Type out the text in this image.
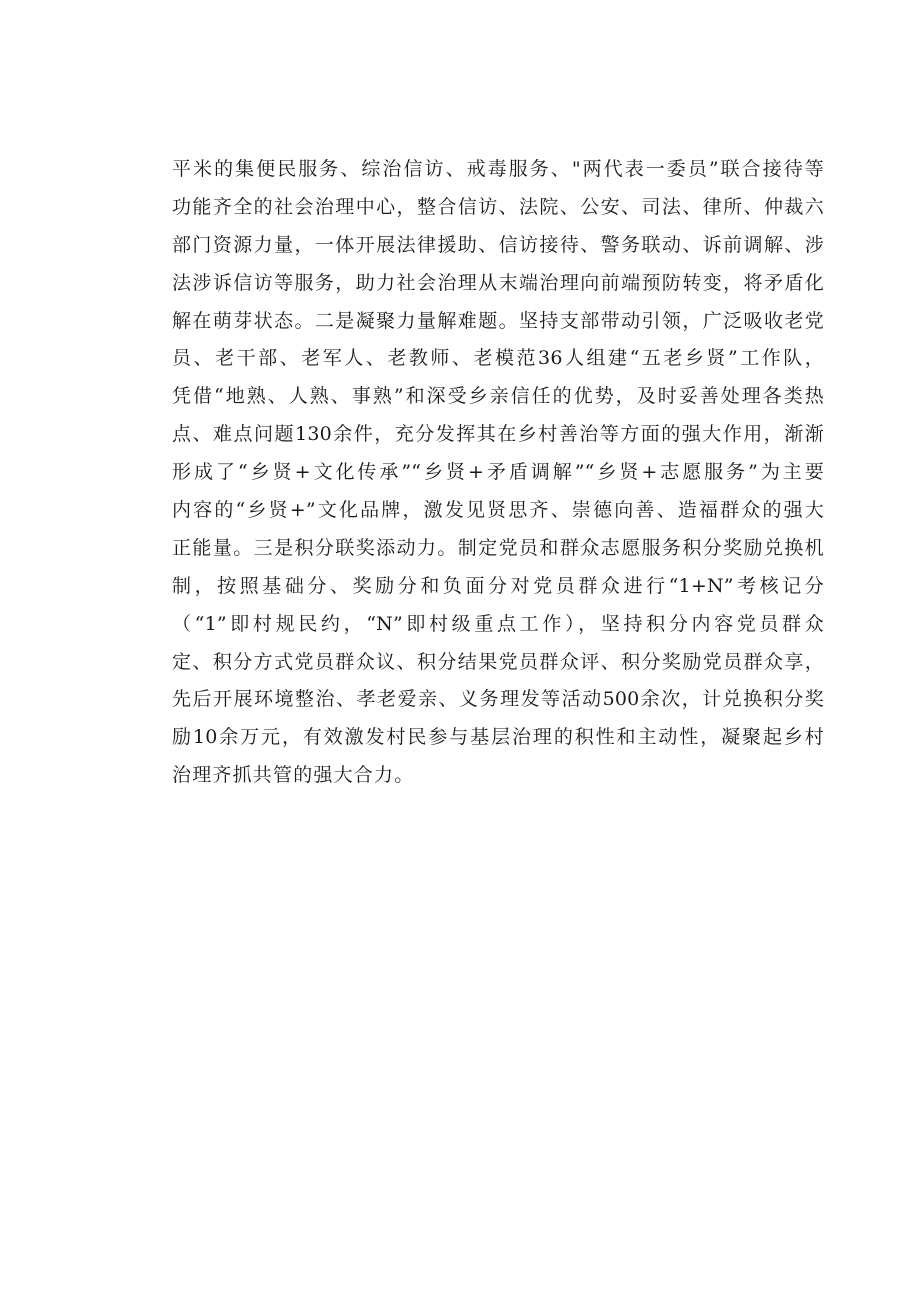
平米的集便民服务、综治信访、戒毒服务、"两代表一委员”联合接待等
功能齐全的社会治理中心，整合信访、法院、公安、司法、律所、仲裁六
部门资源力量，一体开展法律援助、信访接待、警务联动、诉前调解、涉
法涉诉信访等服务，助力社会治理从末端治理向前端预防转变，将矛盾化
解在萌芽状态。二是凝聚力量解难题。坚持支部带动引领，广泛吸收老党
员、老干部、老军人、老教师、老模范36人组建“五老乡贤”工作队，
凭借“地熟、人熟、事熟”和深受乡亲信任的优势，及时妥善处理各类热
点、难点问题130余件，充分发挥其在乡村善治等方面的强大作用，渐渐
形成了“乡贤+文化传承”“乡贤+矛盾调解”“乡贤+志愿服务”为主要
内容的“乡贤+”文化品牌，激发见贤思齐、崇德向善、造福群众的强大
正能量。三是积分联奖添动力。制定党员和群众志愿服务积分奖励兑换机
制，按照基础分、奖励分和负面分对党员群众进行“1+N”考核记分
（“1”即村规民约，“N”即村级重点工作），坚持积分内容党员群众
定、积分方式党员群众议、积分结果党员群众评、积分奖励党员群众享，
先后开展环境整治、孝老爱亲、义务理发等活动500余次，计兑换积分奖
励10余万元，有效激发村民参与基层治理的积性和主动性，凝聚起乡村
治理齐抓共管的强大合力。
